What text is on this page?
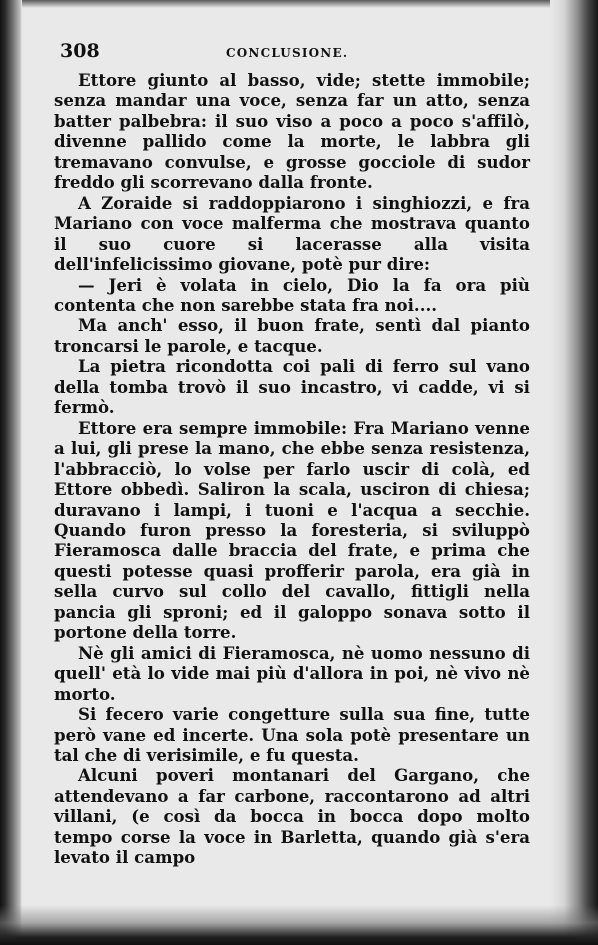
308	CONCLUSIONE.

Ettore giunto al basso, vide; stette immobile; senza mandar una voce, senza far un atto, senza batter palbebra: il suo viso a poco a poco s'affilò, divenne pallido come la morte, le labbra gli tremavano convulse, e grosse gocciole di sudor freddo gli scorrevano dalla fronte.

A Zoraide si raddoppiarono i singhiozzi, e fra Mariano con voce malferma che mostrava quanto il suo cuore si lacerasse alla visita dell'infelicissimo giovane, potè pur dire:

— Jeri è volata in cielo, Dio la fa ora più contenta che non sarebbe stata fra noi....

Ma anch' esso, il buon frate, sentì dal pianto troncarsi le parole, e tacque.

La pietra ricondotta coi pali di ferro sul vano della tomba trovò il suo incastro, vi cadde, vi si fermò.

Ettore era sempre immobile: Fra Mariano venne a lui, gli prese la mano, che ebbe senza resistenza, l'abbracciò, lo volse per farlo uscir di colà, ed Ettore obbedì. Saliron la scala, usciron di chiesa; duravano i lampi, i tuoni e l'acqua a secchie. Quando furon presso la foresteria, si sviluppò Fieramosca dalle braccia del frate, e prima che questi potesse quasi profferir parola, era già in sella curvo sul collo del cavallo, fittigli nella pancia gli sproni; ed il galoppo sonava sotto il portone della torre.

Nè gli amici di Fieramosca, nè uomo nessuno di quell' età lo vide mai più d'allora in poi, nè vivo nè morto.

Si fecero varie congetture sulla sua fine, tutte però vane ed incerte. Una sola potè presentare un tal che di verisimile, e fu questa.

Alcuni poveri montanari del Gargano, che attendevano a far carbone, raccontarono ad altri villani, (e così da bocca in bocca dopo molto tempo corse la voce in Barletta, quando già s'era levato il campo
